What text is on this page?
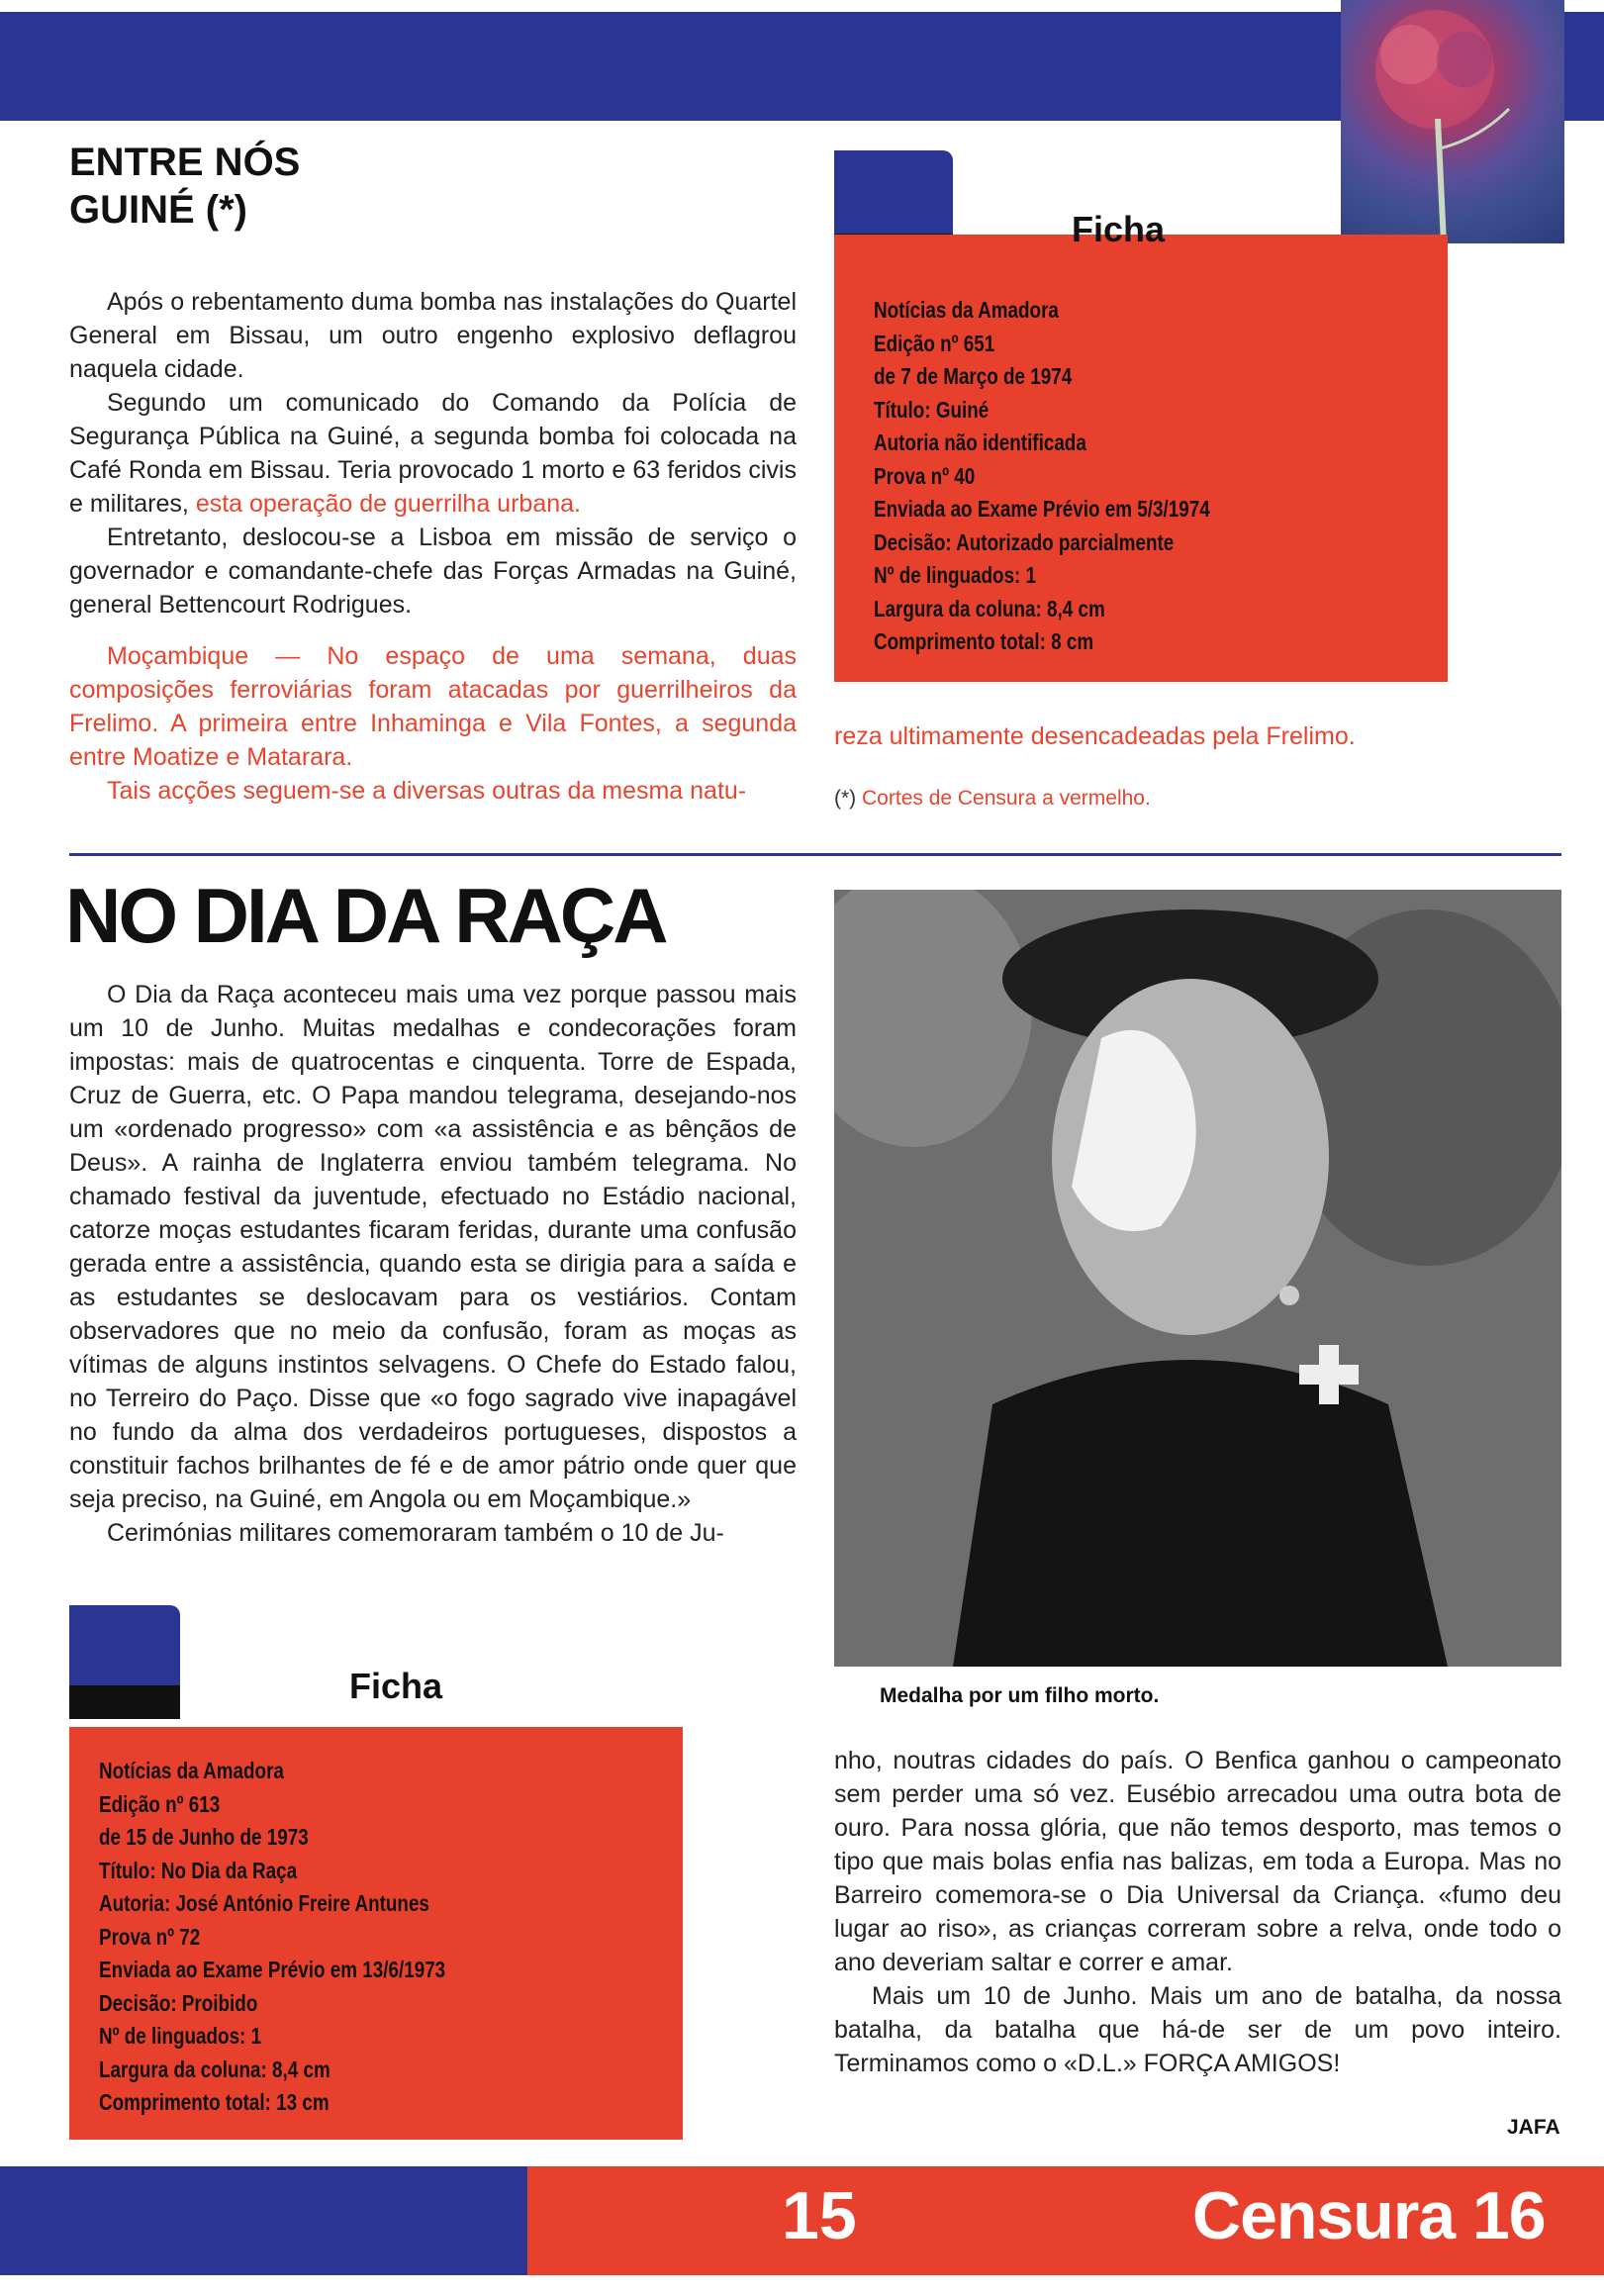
ENTRE NÓS
GUINÉ (*)

Após o rebentamento duma bomba nas instalações do Quartel General em Bissau, um outro engenho explosivo deflagrou naquela cidade.

Segundo um comunicado do Comando da Polícia de Segurança Pública na Guiné, a segunda bomba foi colocada na Café Ronda em Bissau. Teria provocado 1 morto e 63 feridos civis e militares, esta operação de guerrilha urbana.

Entretanto, deslocou-se a Lisboa em missão de serviço o governador e comandante-chefe das Forças Armadas na Guiné, general Bettencourt Rodrigues.

Moçambique — No espaço de uma semana, duas composições ferroviárias foram atacadas por guerrilheiros da Frelimo. A primeira entre Inhaminga e Vila Fontes, a segunda entre Moatize e Matarara.

Tais acções seguem-se a diversas outras da mesma natu-

Ficha
Notícias da Amadora
Edição nº 651
de 7 de Março de 1974
Título: Guiné
Autoria não identificada
Prova nº 40
Enviada ao Exame Prévio em 5/3/1974
Decisão: Autorizado parcialmente
Nº de linguados: 1
Largura da coluna: 8,4 cm
Comprimento total: 8 cm

reza ultimamente desencadeadas pela Frelimo.

(*) Cortes de Censura a vermelho.

NO DIA DA RAÇA

O Dia da Raça aconteceu mais uma vez porque passou mais um 10 de Junho. Muitas medalhas e condecorações foram impostas: mais de quatrocentas e cinquenta. Torre de Espada, Cruz de Guerra, etc. O Papa mandou telegrama, desejando-nos um «ordenado progresso» com «a assistência e as bênçãos de Deus». A rainha de Inglaterra enviou também telegrama. No chamado festival da juventude, efectuado no Estádio nacional, catorze moças estudantes ficaram feridas, durante uma confusão gerada entre a assistência, quando esta se dirigia para a saída e as estudantes se deslocavam para os vestiários. Contam observadores que no meio da confusão, foram as moças as vítimas de alguns instintos selvagens. O Chefe do Estado falou, no Terreiro do Paço. Disse que «o fogo sagrado vive inapagável no fundo da alma dos verdadeiros portugueses, dispostos a constituir fachos brilhantes de fé e de amor pátrio onde quer que seja preciso, na Guiné, em Angola ou em Moçambique.»

Cerimónias militares comemoraram também o 10 de Ju-

Medalha por um filho morto.

Ficha
Notícias da Amadora
Edição nº 613
de 15 de Junho de 1973
Título: No Dia da Raça
Autoria: José António Freire Antunes
Prova nº 72
Enviada ao Exame Prévio em 13/6/1973
Decisão: Proibido
Nº de linguados: 1
Largura da coluna: 8,4 cm
Comprimento total: 13 cm

nho, noutras cidades do país. O Benfica ganhou o campeonato sem perder uma só vez. Eusébio arrecadou uma outra bota de ouro. Para nossa glória, que não temos desporto, mas temos o tipo que mais bolas enfia nas balizas, em toda a Europa. Mas no Barreiro comemora-se o Dia Universal da Criança. «fumo deu lugar ao riso», as crianças correram sobre a relva, onde todo o ano deveriam saltar e correr e amar.

Mais um 10 de Junho. Mais um ano de batalha, da nossa batalha, da batalha que há-de ser de um povo inteiro. Terminamos como o «D.L.» FORÇA AMIGOS!

JAFA

15	Censura 16
